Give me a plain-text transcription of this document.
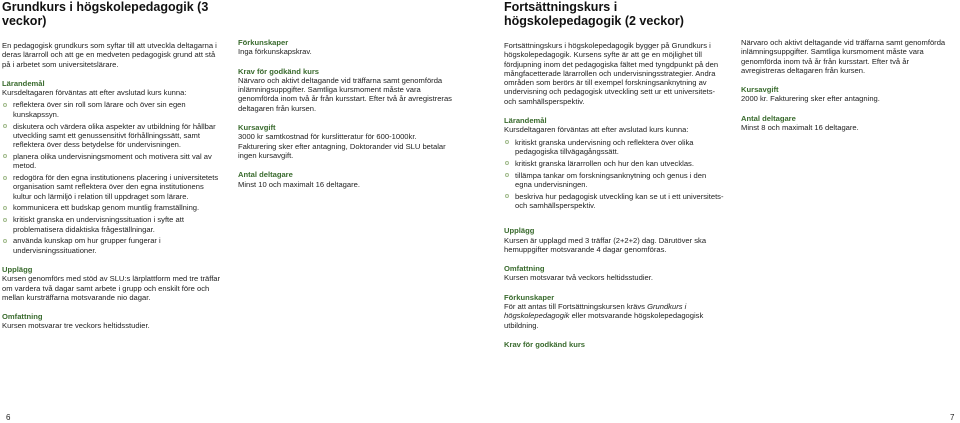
Grundkurs i högskolepedagogik (3 veckor)
En pedagogisk grundkurs som syftar till att utveckla deltagarna i deras lärarroll och att ge en medveten pedagogisk grund att stå på i arbetet som universitetslärare.
Lärandemål
Kursdeltagaren förväntas att efter avslutad kurs kunna:
reflektera över sin roll som lärare och över sin egen kunskapssyn.
diskutera och värdera olika aspekter av utbildning för hållbar utveckling samt ett genussensitivt förhållningssätt, samt reflektera över dess betydelse för undervisningen.
planera olika undervisningsmoment och motivera sitt val av metod.
redogöra för den egna institutionens placering i universitetets organisation samt reflektera över den egna institutionens kultur och lärmiljö i relation till uppdraget som lärare.
kommunicera ett budskap genom muntlig framställning.
kritiskt granska en undervisningssituation i syfte att problematisera didaktiska frågeställningar.
använda kunskap om hur grupper fungerar i undervisningssituationer.
Upplägg
Kursen genomförs med stöd av SLU:s lärplattform med tre träffar om vardera två dagar samt arbete i grupp och enskilt före och mellan kursträffarna motsvarande nio dagar.
Omfattning
Kursen motsvarar tre veckors heltidsstudier.
Förkunskaper
Inga förkunskapskrav.
Krav för godkänd kurs
Närvaro och aktivt deltagande vid träffarna samt genomförda inlämningsuppgifter. Samtliga kursmoment måste vara genomförda inom två år från kursstart. Efter två år avregistreras deltagaren från kursen.
Kursavgift
3000 kr samtkostnad för kurslitteratur för 600-1000kr. Fakturering sker efter antagning, Doktorander vid SLU betalar ingen kursavgift.
Antal deltagare
Minst 10 och maximalt 16 deltagare.
6
Fortsättningskurs i högskolepedagogik (2 veckor)
Fortsättningskurs i högskolepedagogik bygger på Grundkurs i högskolepedagogik. Kursens syfte är att ge en möjlighet till fördjupning inom det pedagogiska fältet med tyngdpunkt på den mångfacetterade lärarrollen och undervisningsstrategier. Andra områden som berörs är till exempel forskningsanknytning av undervisning och pedagogisk utveckling sett ur ett universitets- och samhällsperspektiv.
Lärandemål
Kursdeltagaren förväntas att efter avslutad kurs kunna:
kritiskt granska undervisning och reflektera över olika pedagogiska tillvägagångssätt.
kritiskt granska lärarrollen och hur den kan utvecklas.
tillämpa tankar om forskningsanknytning och genus i den egna undervisningen.
beskriva hur pedagogisk utveckling kan se ut i ett universitets- och samhällsperspektiv.
Upplägg
Kursen är upplagd med 3 träffar (2+2+2) dag. Därutöver ska hemuppgifter motsvarande 4 dagar genomföras.
Omfattning
Kursen motsvarar två veckors heltidsstudier.
Förkunskaper
För att antas till Fortsättningskursen krävs Grundkurs i högskolepedagogik eller motsvarande högskolepedagogisk utbildning.
Krav för godkänd kurs
Närvaro och aktivt deltagande vid träffarna samt genomförda inlämningsuppgifter. Samtliga kursmoment måste vara genomförda inom två år från kursstart. Efter två år avregistreras deltagaren från kursen.
Kursavgift
2000 kr. Fakturering sker efter antagning.
Antal deltagare
Minst 8 och maximalt 16 deltagare.
7
